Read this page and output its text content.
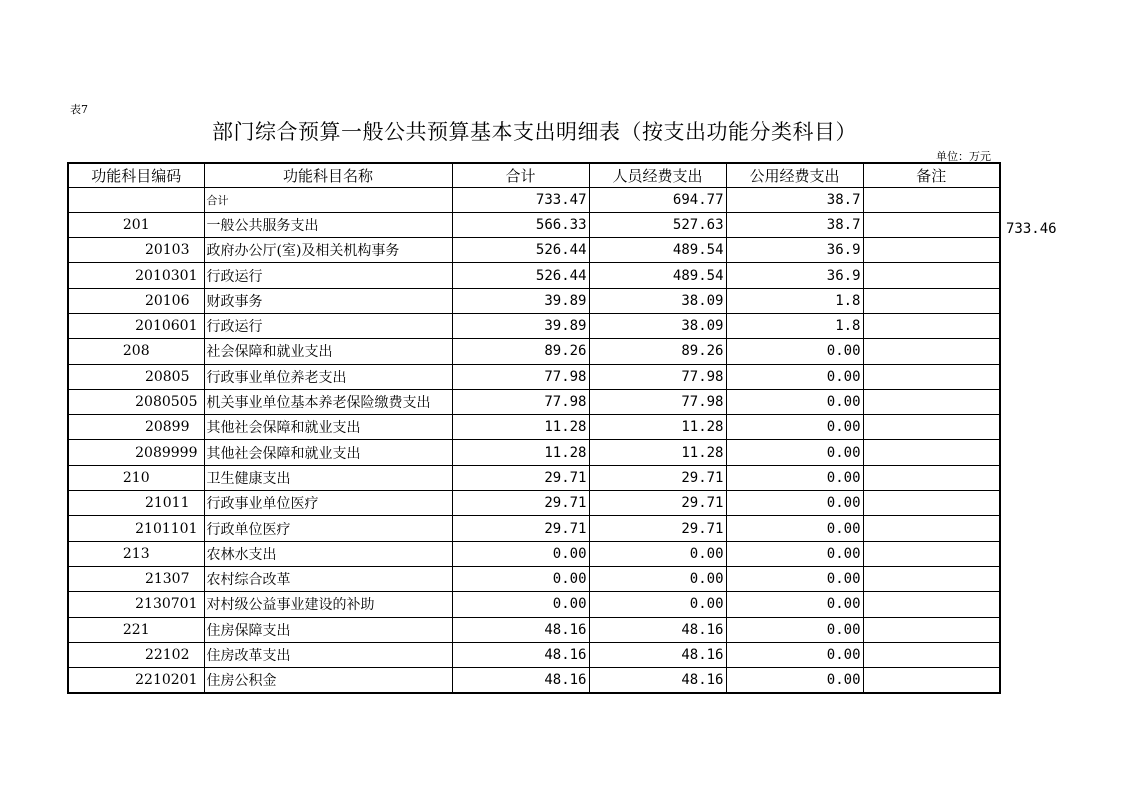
表7
部门综合预算一般公共预算基本支出明细表（按支出功能分类科目）
单位：万元
733.46
功能科目编码	功能科目名称	合计	人员经费支出	公用经费支出	备注
	合计	733.47	694.77	38.7	
201	一般公共服务支出	566.33	527.63	38.7	
20103	政府办公厅(室)及相关机构事务	526.44	489.54	36.9	
2010301	行政运行	526.44	489.54	36.9	
20106	财政事务	39.89	38.09	1.8	
2010601	行政运行	39.89	38.09	1.8	
208	社会保障和就业支出	89.26	89.26	0.00	
20805	行政事业单位养老支出	77.98	77.98	0.00	
2080505	机关事业单位基本养老保险缴费支出	77.98	77.98	0.00	
20899	其他社会保障和就业支出	11.28	11.28	0.00	
2089999	其他社会保障和就业支出	11.28	11.28	0.00	
210	卫生健康支出	29.71	29.71	0.00	
21011	行政事业单位医疗	29.71	29.71	0.00	
2101101	行政单位医疗	29.71	29.71	0.00	
213	农林水支出	0.00	0.00	0.00	
21307	农村综合改革	0.00	0.00	0.00	
2130701	对村级公益事业建设的补助	0.00	0.00	0.00	
221	住房保障支出	48.16	48.16	0.00	
22102	住房改革支出	48.16	48.16	0.00	
2210201	住房公积金	48.16	48.16	0.00	
